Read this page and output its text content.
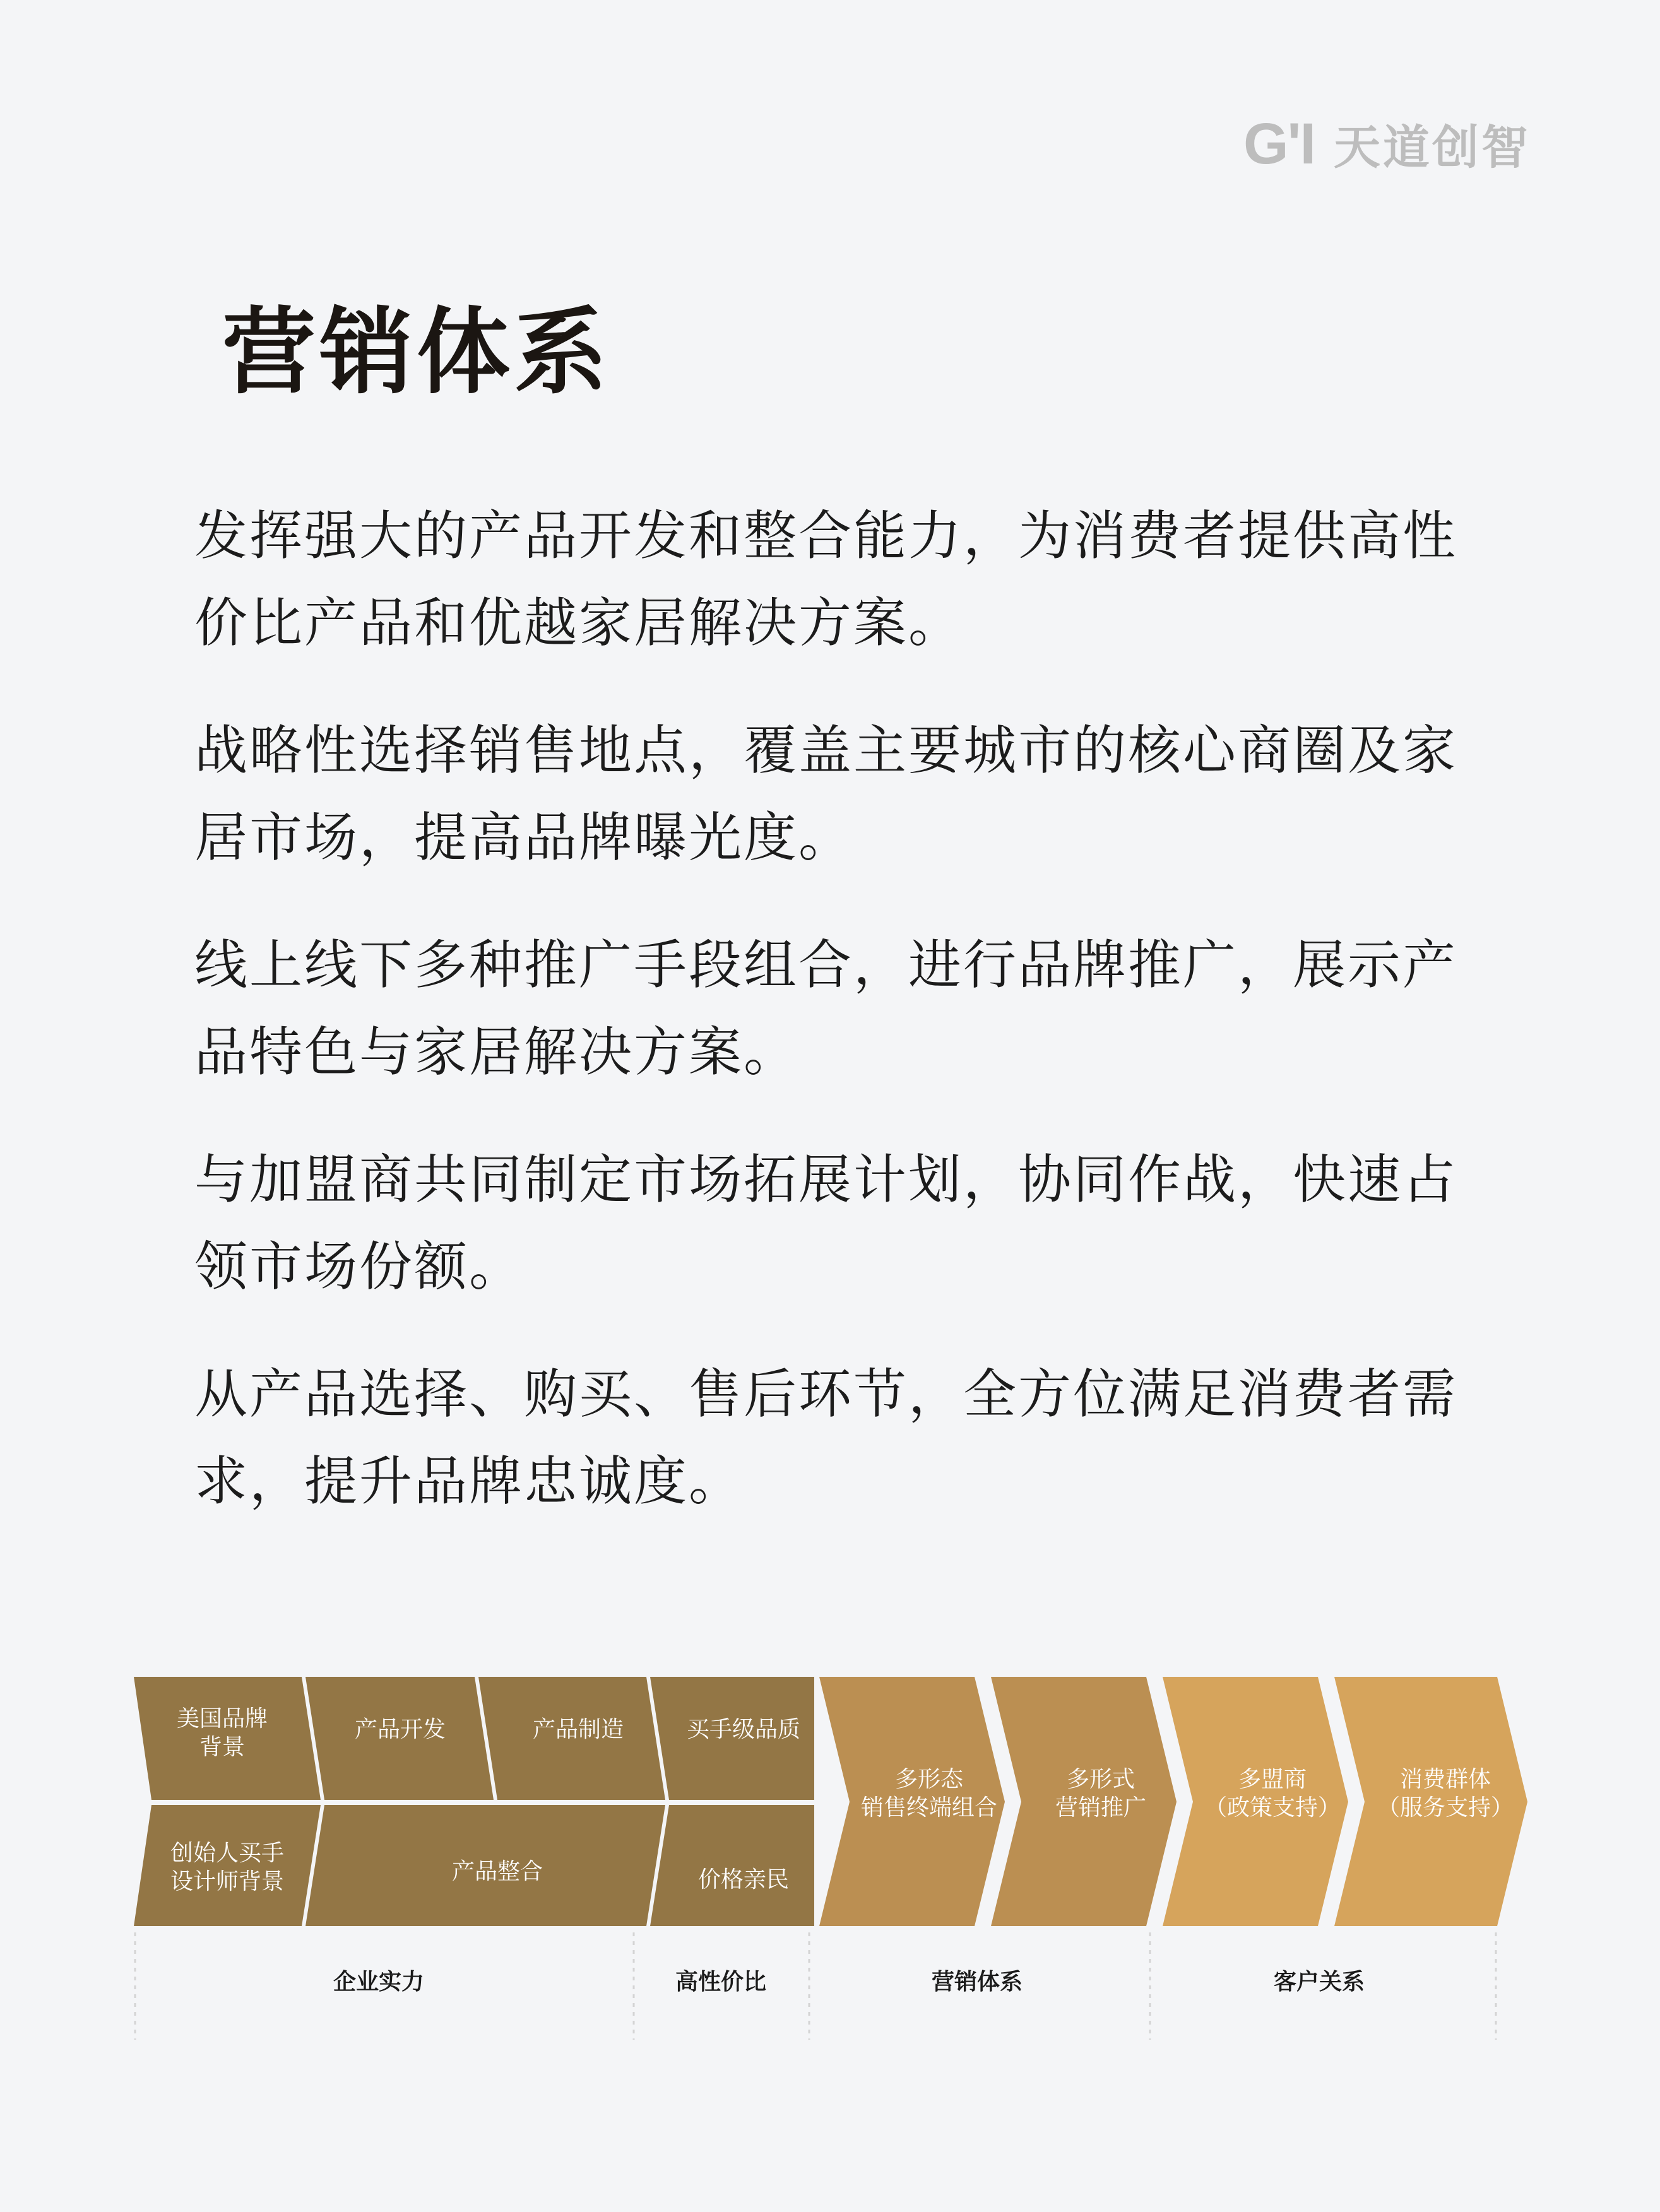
G'I 天道创智
营销体系

发挥强大的产品开发和整合能力，为消费者提供高性价比产品和优越家居解决方案。

战略性选择销售地点，覆盖主要城市的核心商圈及家居市场，提高品牌曝光度。

线上线下多种推广手段组合，进行品牌推广，展示产品特色与家居解决方案。

与加盟商共同制定市场拓展计划，协同作战，快速占领市场份额。

从产品选择、购买、售后环节，全方位满足消费者需求，提升品牌忠诚度。

美国品牌
背景
产品开发	产品制造	买手级品质
创始人买手
设计师背景	产品整合	价格亲民
多形态
销售终端组合
多形式
营销推广
多盟商
（政策支持）
消费群体
（服务支持）
企业实力	高性价比	营销体系	客户关系
